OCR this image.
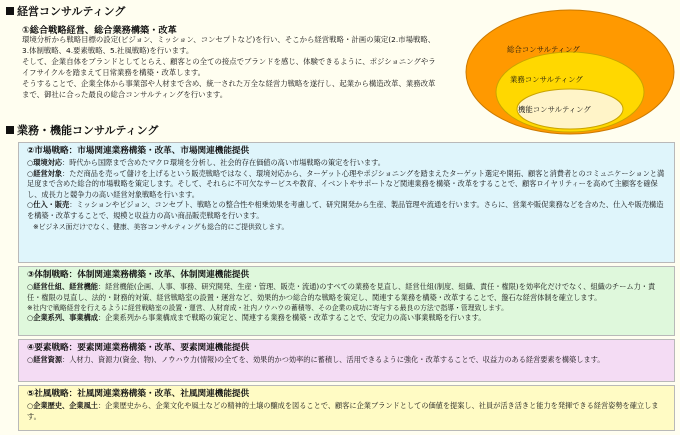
経営コンサルティング
①総合戦略経営、総合業務構築・改革
環境分析から戦略目標の設定(ビジョン、ミッション、コンセプトなど)を行い、そこから経営戦略・計画の策定(2.市場戦略、3.体制戦略、4.要素戦略、5.社風戦略)を行います。
そして、企業自体をブランドとしてとらえ、顧客との全ての接点でブランドを感じ、体験できるように、ポジショニングやライフサイクルを踏まえて日常業務を構築・改革します。
そうすることで、企業全体から事業部や人材まで含め、統一された万全な経営力戦略を遂行し、起業から構造改革、業務改革まで、御社に合った最良の総合コンサルティングを行います。
総合コンサルティング
業務コンサルティング
機能コンサルティング
業務・機能コンサルティング
②市場戦略：市場関連業務構築・改革、市場関連機能提供
○環境対応：時代から国際まで含めたマクロ環境を分析し、社会的存在価値の高い市場戦略の策定を行います。
○経営対象：ただ商品を売って儲けを上げるという販売戦略ではなく、環境対応から、ターゲット心理やポジショニングを踏まえたターゲット選定や開拓、顧客と消費者とのコミュニケーションと満足度まで含めた総合的市場戦略を策定します。そして、それらに不可欠なサービスや教育、イベントやサポートなど関連業務を構築・改革をすることで、顧客ロイヤリティーを高めて主顧客を確保し、成長力と競争力の高い経営対象戦略を行います。
○仕入・販売：ミッションやビジョン、コンセプト、戦略との整合性や相乗効果を考慮して、研究開発から生産、製品管理や流通を行います。さらに、営業や販促業務などを含めた、仕入や販売構造を構築・改革することで、規模と収益力の高い商品販売戦略を行います。
※ビジネス面だけでなく、健康、美容コンサルティングも総合的にご提供致します。
③体制戦略：体制関連業務構築・改革、体制関連機能提供
○経営仕組、経営機能：経営機能(企画、人事、事務、研究開発、生産・管理、販売・流通)のすべての業務を見直し、経営仕組(制度、組織、責任・権限)を効率化だけでなく、組織のチーム力・責任・権限の見直し、法的・財務的対策、経営戦略室の設置・運営など、効果的かつ総合的な戦略を策定し、関連する業務を構築・改革することで、盤石な経営体制を確立します。
※社内で戦略経営を行えるように経営戦略室の設置・運営、人材育成・社内ノウハウの蓄積等、その企業の成功に寄与する最良の方法で指導・管理致します。
○企業系列、事業構成：企業系列から事業構成まで戦略の策定と、関連する業務を構築・改革することで、安定力の高い事業戦略を行います。
④要素戦略：要素関連業務構築・改革、要素関連機能提供
○経営資源：人材力、資源力(資金、物)、ノウハウ力(情報)の全てを、効果的かつ効率的に蓄積し、活用できるように強化・改革することで、収益力のある経営要素を構築します。
⑤社風戦略：社風関連業務構築・改革、社風関連機能提供
○企業歴史、企業風土：企業歴史から、企業文化や風土などの精神的土壌の醸成を図ることで、顧客に企業ブランドとしての価値を提案し、社員が活き活きと能力を発揮できる経営姿勢を確立します。
